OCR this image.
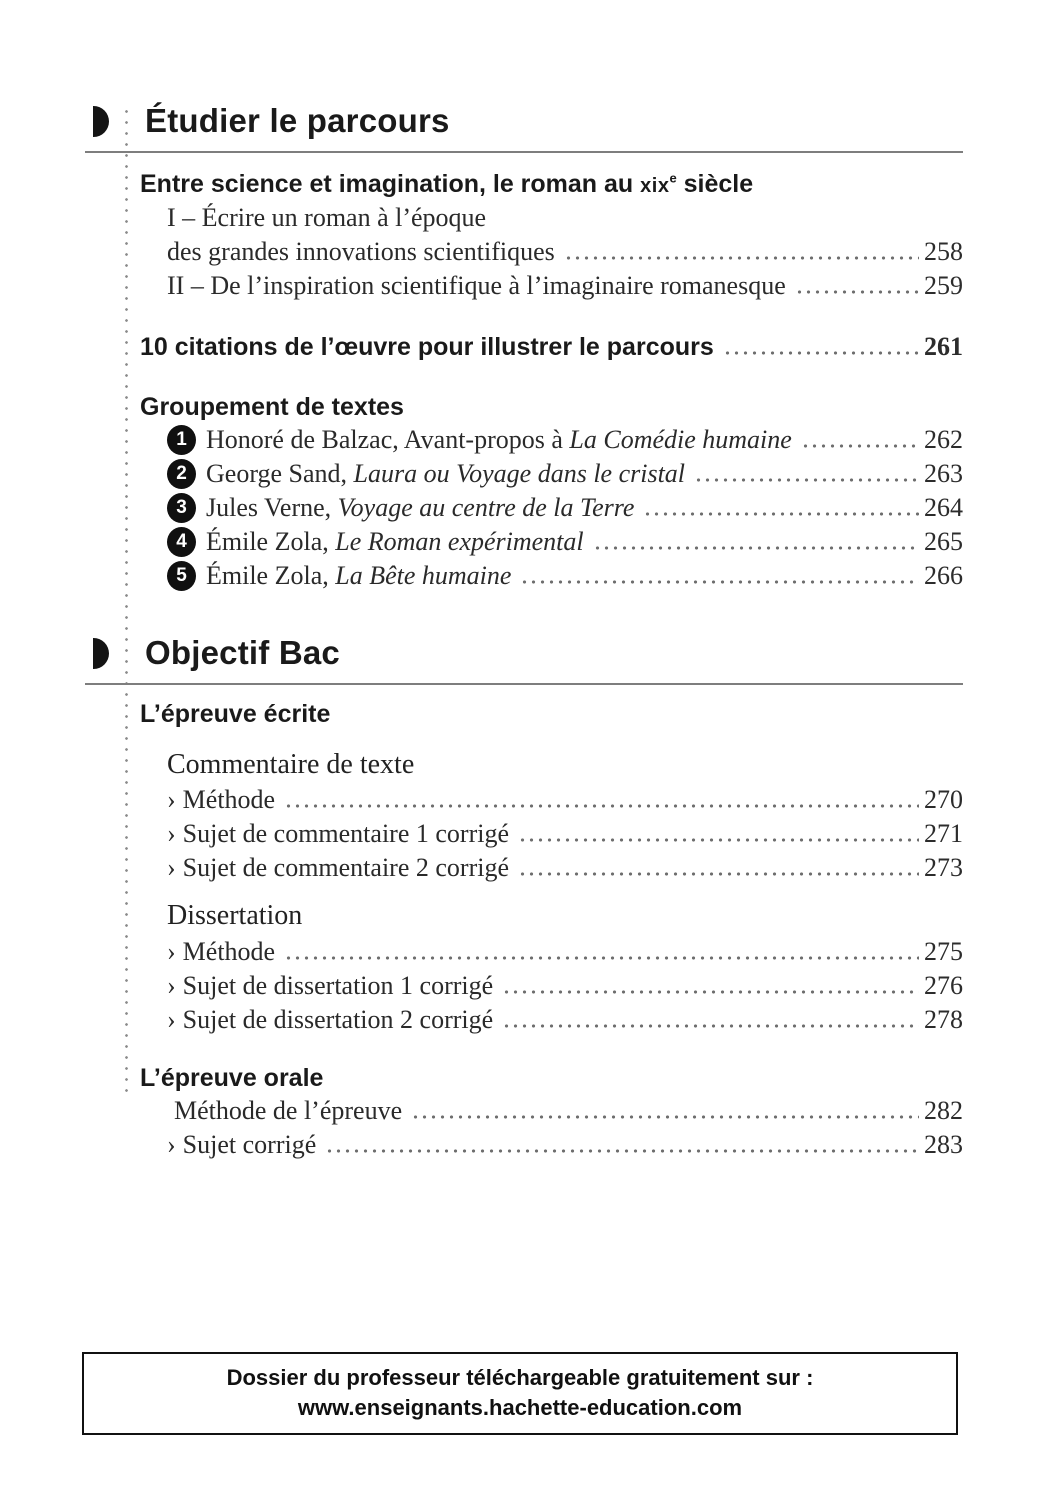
Étudier le parcours
Entre science et imagination, le roman au xix$^e$ siècle
I – Écrire un roman à l’époque
des grandes innovations scientifiques	258
II – De l’inspiration scientifique à l’imaginaire romanesque	259
10 citations de l’œuvre pour illustrer le parcours	261
Groupement de textes
1 Honoré de Balzac, Avant-propos à La Comédie humaine	262
2 George Sand, Laura ou Voyage dans le cristal	263
3 Jules Verne, Voyage au centre de la Terre	264
4 Émile Zola, Le Roman expérimental	265
5 Émile Zola, La Bête humaine	266
Objectif Bac
L’épreuve écrite
Commentaire de texte
› Méthode	270
› Sujet de commentaire 1 corrigé	271
› Sujet de commentaire 2 corrigé	273
Dissertation
› Méthode	275
› Sujet de dissertation 1 corrigé	276
› Sujet de dissertation 2 corrigé	278
L’épreuve orale
Méthode de l’épreuve	282
› Sujet corrigé	283
Dossier du professeur téléchargeable gratuitement sur :
www.enseignants.hachette-education.com
